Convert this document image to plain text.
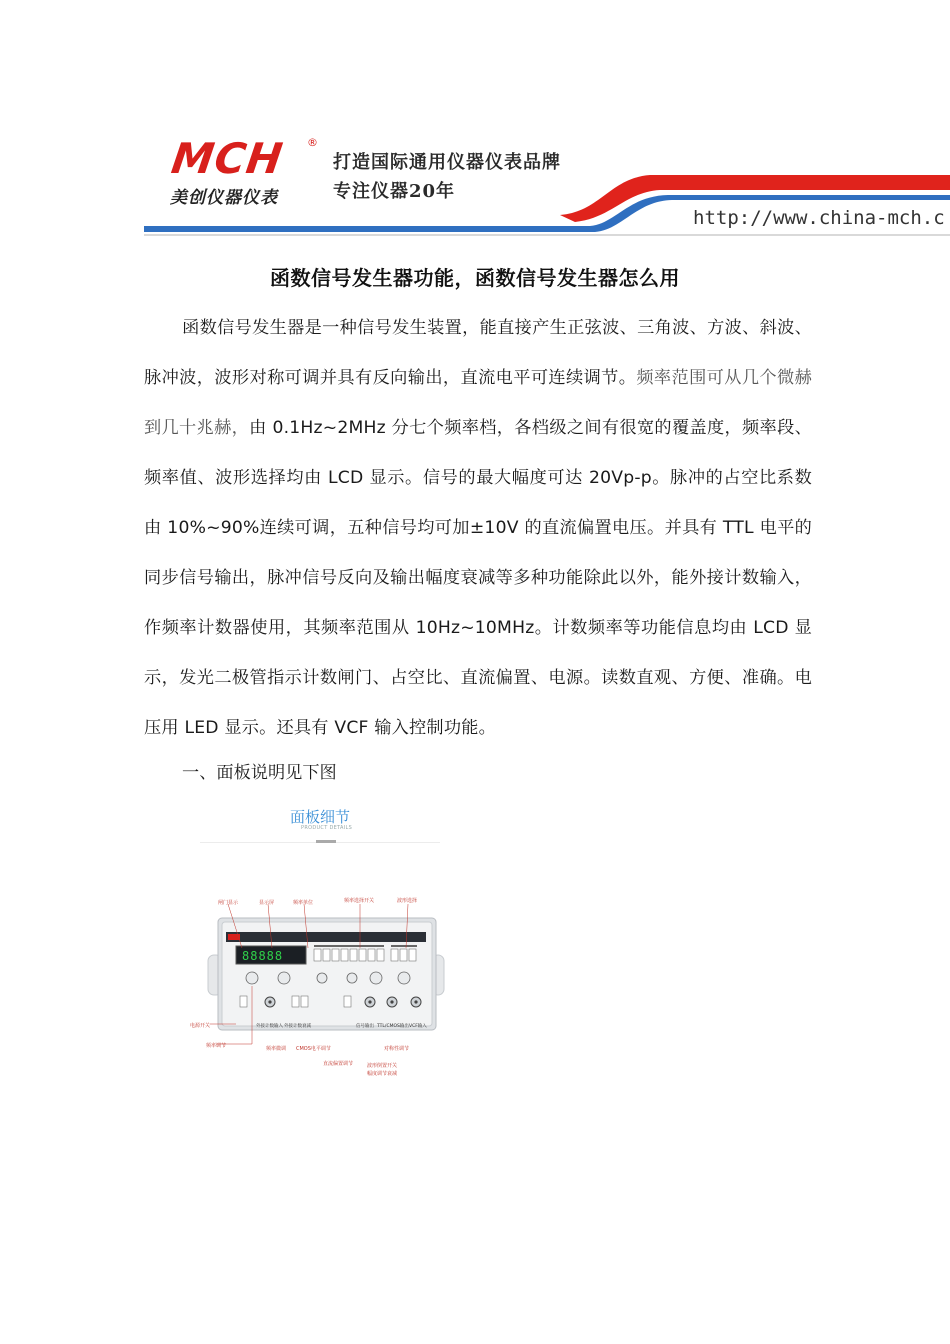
MCH ®
美创仪器仪表
打造国际通用仪器仪表品牌
专注仪器20年
http://www.china-mch.c
函数信号发生器功能，函数信号发生器怎么用
函数信号发生器是一种信号发生装置，能直接产生正弦波、三角波、方波、斜波、脉冲波，波形对称可调并具有反向输出，直流电平可连续调节。频率范围可从几个微赫到几十兆赫，由 0.1Hz~2MHz 分七个频率档，各档级之间有很宽的覆盖度，频率段、频率值、波形选择均由 LCD 显示。信号的最大幅度可达 20Vp-p。脉冲的占空比系数由 10%~90%连续可调，五种信号均可加±10V 的直流偏置电压。并具有 TTL 电平的同步信号输出，脉冲信号反向及输出幅度衰减等多种功能除此以外，能外接计数输入，作频率计数器使用，其频率范围从 10Hz~10MHz。计数频率等功能信息均由 LCD 显示，发光二极管指示计数闸门、占空比、直流偏置、电源。读数直观、方便、准确。电压用 LED 显示。还具有 VCF 输入控制功能。
一、面板说明见下图
面板细节
PRODUCT DETAILS
88888
闸门显示	显示屏	频率单位	频率选择开关	波形选择
电源开关
频率调节
外接计数输入 外接计数衰减	信号输出 TTL/CMOS输出 VCF输入
频率微调 CMOS电平调节	对称性调节
直流偏置调节	波形倒置开关
幅度调节衰减
